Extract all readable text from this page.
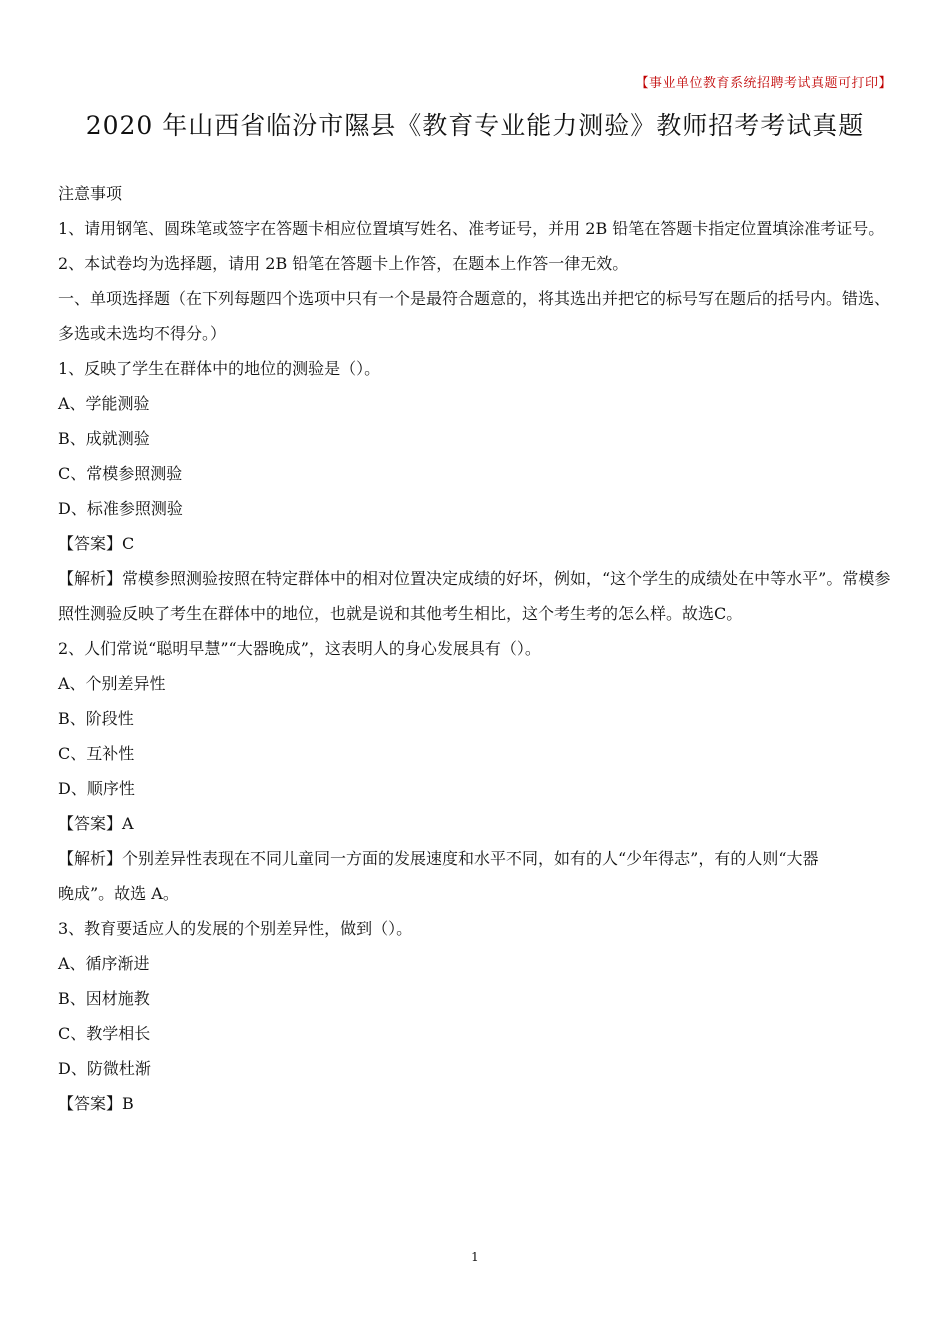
【事业单位教育系统招聘考试真题可打印】
2020 年山西省临汾市隰县《教育专业能力测验》教师招考考试真题

注意事项

1、请用钢笔、圆珠笔或签字在答题卡相应位置填写姓名、准考证号，并用 2B 铅笔在答题卡指定位置填涂准考证号。

2、本试卷均为选择题，请用 2B 铅笔在答题卡上作答，在题本上作答一律无效。

一、单项选择题（在下列每题四个选项中只有一个是最符合题意的，将其选出并把它的标号写在题后的括号内。错选、多选或未选均不得分。）

1、反映了学生在群体中的地位的测验是（）。

A、学能测验

B、成就测验

C、常模参照测验

D、标准参照测验

【答案】C

【解析】常模参照测验按照在特定群体中的相对位置决定成绩的好坏，例如，“这个学生的成绩处在中等水平”。常模参照性测验反映了考生在群体中的地位，也就是说和其他考生相比，这个考生考的怎么样。故选C。

2、人们常说“聪明早慧”“大器晚成”，这表明人的身心发展具有（）。

A、个别差异性

B、阶段性

C、互补性

D、顺序性

【答案】A

【解析】个别差异性表现在不同儿童同一方面的发展速度和水平不同，如有的人“少年得志”，有的人则“大器

晚成”。故选 A。

3、教育要适应人的发展的个别差异性，做到（）。

A、循序渐进

B、因材施教

C、教学相长

D、防微杜渐

【答案】B

1
